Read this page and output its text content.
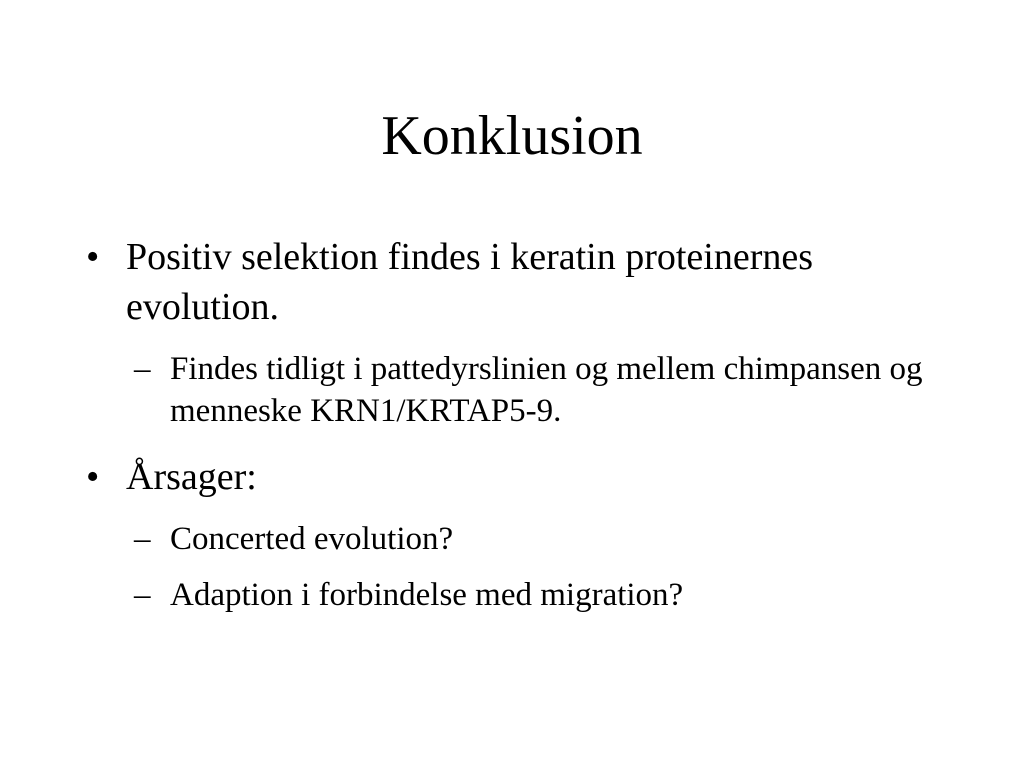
Konklusion
• Positiv selektion findes i keratin proteinernes evolution.
– Findes tidligt i pattedyrslinien og mellem chimpansen og menneske KRN1/KRTAP5-9.
• Årsager:
– Concerted evolution?
– Adaption i forbindelse med migration?
